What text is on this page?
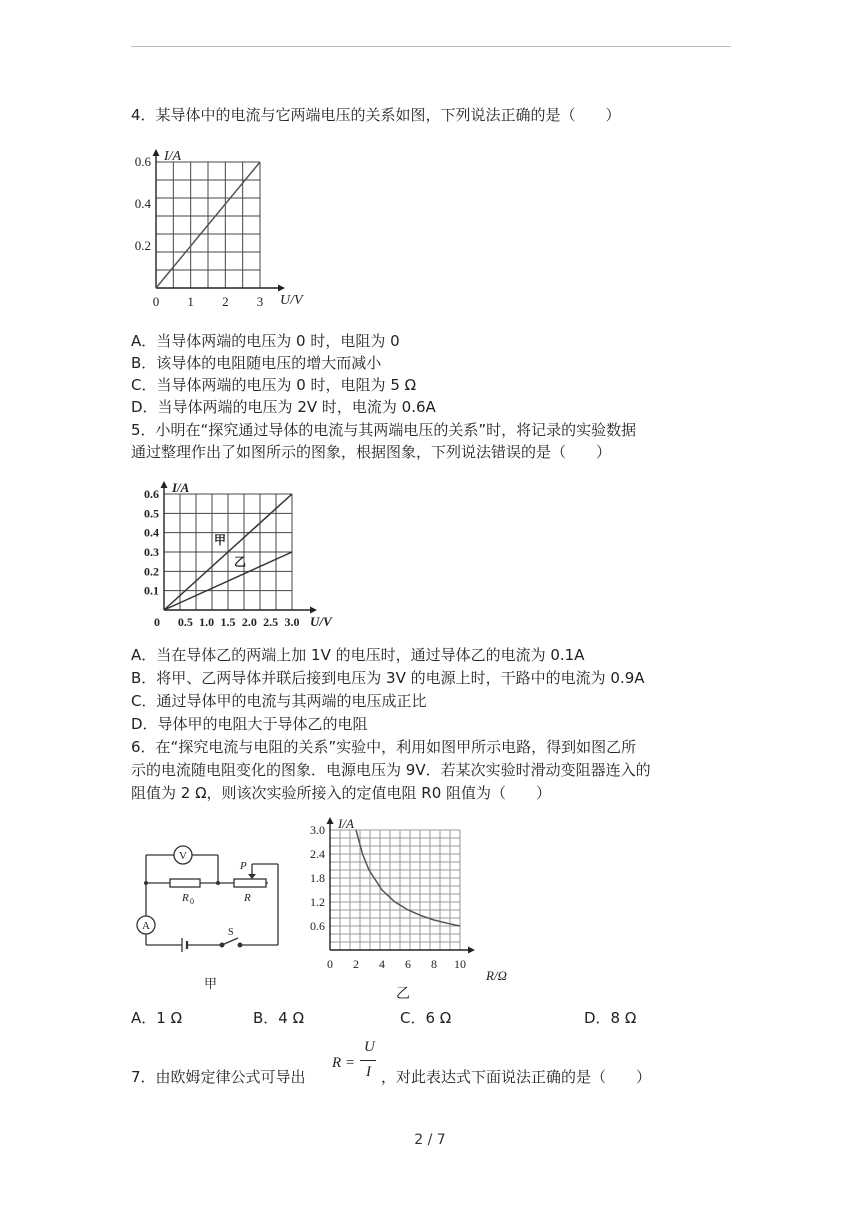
4．某导体中的电流与它两端电压的关系如图，下列说法正确的是（　　）
0 1 2 3
0.2
0.4
0.6 I/A
U/V
A．当导体两端的电压为 0 时，电阻为 0
B．该导体的电阻随电压的增大而减小
C．当导体两端的电压为 0 时，电阻为 5 Ω
D．当导体两端的电压为 2V 时，电流为 0.6A
5．小明在“探究通过导体的电流与其两端电压的关系”时，将记录的实验数据
通过整理作出了如图所示的图象，根据图象，下列说法错误的是（　　）
0.5 1.0 1.5 2.0 2.5 3.0
0.1
0.2
0.3
0.4
0.5
0.6 I/A
U/V
甲
乙
0
A．当在导体乙的两端上加 1V 的电压时，通过导体乙的电流为 0.1A
B．将甲、乙两导体并联后接到电压为 3V 的电源上时，干路中的电流为 0.9A
C．通过导体甲的电流与其两端的电压成正比
D．导体甲的电阻大于导体乙的电阻
6．在“探究电流与电阻的关系”实验中，利用如图甲所示电路，得到如图乙所
示的电流随电阻变化的图象．电源电压为 9V．若某次实验时滑动变阻器连入的
阻值为 2 Ω，则该次实验所接入的定值电阻 R0 阻值为（　　）
V
A
P
R 0	R
S
甲
0 2 4 6 8 10
0.6
1.2
1.8
2.4
3.0 I/A
R/Ω
乙
A．1 Ω	B．4 Ω	C．6 Ω	D．8 Ω
7．由欧姆定律公式可导出
R =
U
I ，对此表达式下面说法正确的是（　　）
2 / 7
